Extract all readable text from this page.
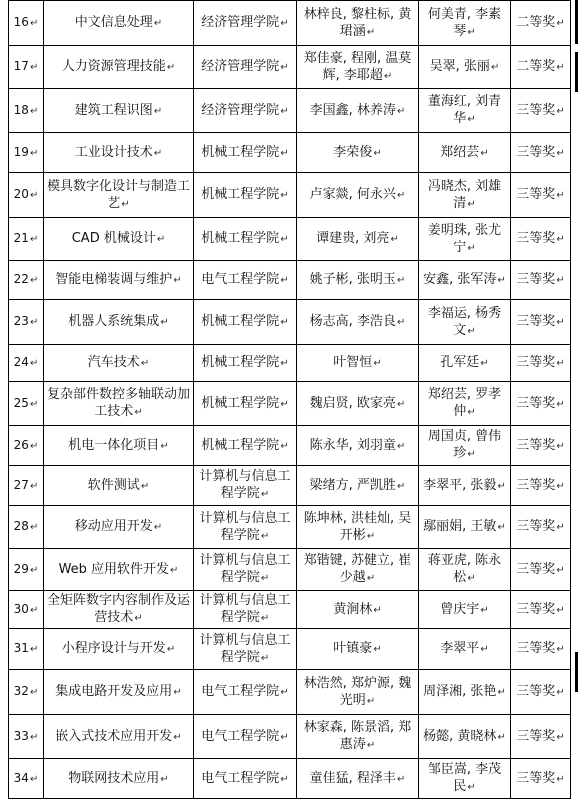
16↵	中文信息处理↵	经济管理学院↵	林梓良, 黎柱标, 黄珺涵↵	何美青, 李素琴↵	二等奖↵
17↵	人力资源管理技能↵	经济管理学院↵	郑佳豪, 程刚, 温莫辉, 李耶超↵	吴翠, 张丽↵	二等奖↵
18↵	建筑工程识图↵	经济管理学院↵	李国鑫, 林养涛↵	董海红, 刘青华↵	三等奖↵
19↵	工业设计技术↵	机械工程学院↵	李荣俊↵	郑绍芸↵	三等奖↵
20↵	模具数字化设计与制造工艺↵	机械工程学院↵	卢家燚, 何永兴↵	冯晓杰, 刘雄清↵	三等奖↵
21↵	CAD 机械设计↵	机械工程学院↵	谭建贵, 刘亮↵	姜明珠, 张尤宁↵	三等奖↵
22↵	智能电梯装调与维护↵	电气工程学院↵	姚子彬, 张明玉↵	安鑫, 张军涛↵	三等奖↵
23↵	机器人系统集成↵	机械工程学院↵	杨志高, 李浩良↵	李福运, 杨秀文↵	三等奖↵
24↵	汽车技术↵	机械工程学院↵	叶智恒↵	孔军廷↵	三等奖↵
25↵	复杂部件数控多轴联动加工技术↵	机械工程学院↵	魏启贤, 欧家亮↵	郑绍芸, 罗孝仲↵	三等奖↵
26↵	机电一体化项目↵	机械工程学院↵	陈永华, 刘羽童↵	周国贞, 曾伟珍↵	三等奖↵
27↵	软件测试↵	计算机与信息工程学院↵	梁绪方, 严凯胜↵	李翠平, 张毅↵	三等奖↵
28↵	移动应用开发↵	计算机与信息工程学院↵	陈坤林, 洪桂灿, 吴开彬↵	鄢丽娟, 王敏↵	三等奖↵
29↵	Web 应用软件开发↵	计算机与信息工程学院↵	郑锴键, 苏健立, 崔少越↵	蒋亚虎, 陈永松↵	三等奖↵
30↵	全矩阵数字内容制作及运营技术↵	计算机与信息工程学院↵	黄涧林↵	曾庆宇↵	三等奖↵
31↵	小程序设计与开发↵	计算机与信息工程学院↵	叶镇豪↵	李翠平↵	三等奖↵
32↵	集成电路开发及应用↵	电气工程学院↵	林浩然, 郑炉源, 魏光明↵	周泽湘, 张艳↵	三等奖↵
33↵	嵌入式技术应用开发↵	电气工程学院↵	林家森, 陈景滔, 郑惠涛↵	杨懿, 黄晓林↵	三等奖↵
34↵	物联网技术应用↵	电气工程学院↵	童佳猛, 程泽丰↵	邹臣嵩, 李茂民↵	三等奖↵
